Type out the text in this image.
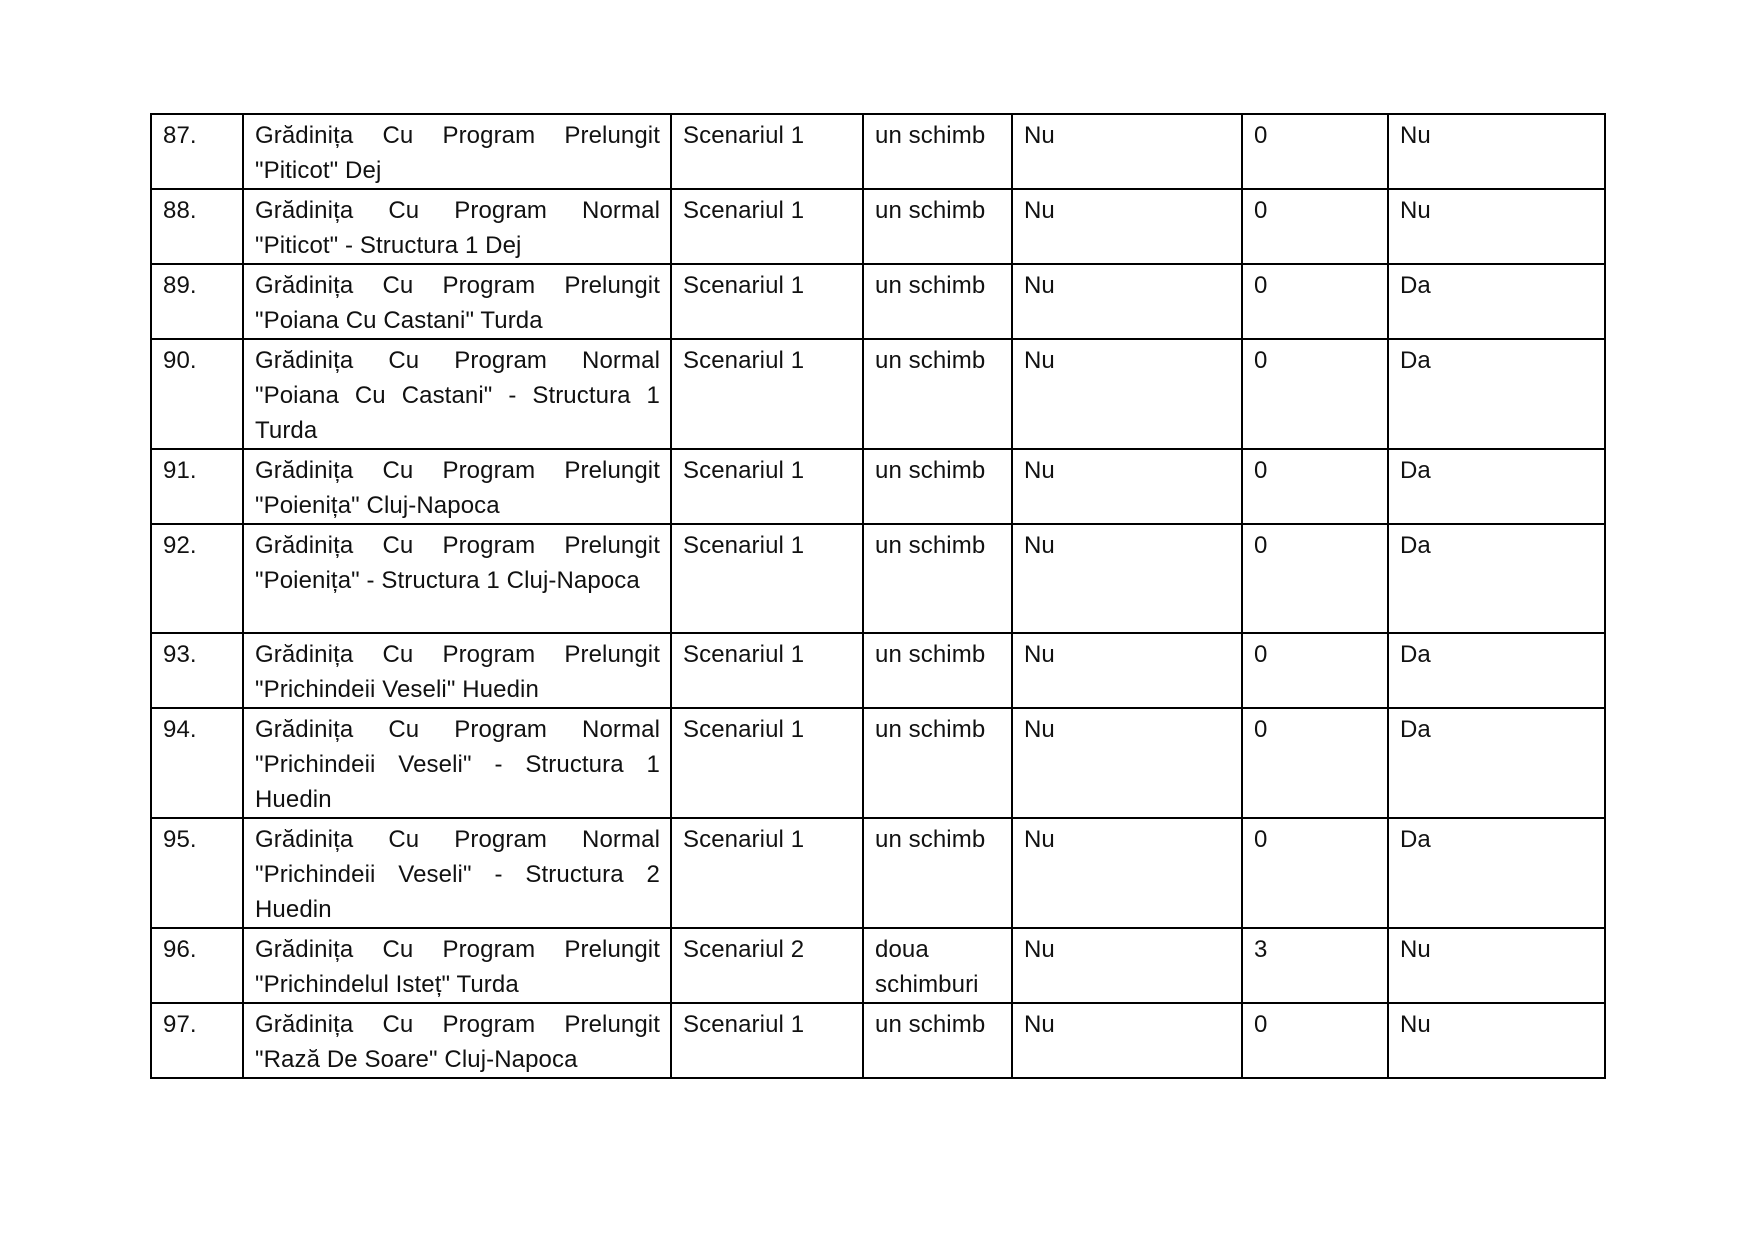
87.	Grădinița Cu Program Prelungit "Piticot" Dej	Scenariul 1	un schimb	Nu	0	Nu
88.	Grădinița Cu Program Normal "Piticot" - Structura 1 Dej	Scenariul 1	un schimb	Nu	0	Nu
89.	Grădinița Cu Program Prelungit "Poiana Cu Castani" Turda	Scenariul 1	un schimb	Nu	0	Da
90.	Grădinița Cu Program Normal "Poiana Cu Castani" - Structura 1 Turda	Scenariul 1	un schimb	Nu	0	Da
91.	Grădinița Cu Program Prelungit "Poienița" Cluj-Napoca	Scenariul 1	un schimb	Nu	0	Da
92.	Grădinița Cu Program Prelungit "Poienița" - Structura 1 Cluj-Napoca	Scenariul 1	un schimb	Nu	0	Da
93.	Grădinița Cu Program Prelungit "Prichindeii Veseli" Huedin	Scenariul 1	un schimb	Nu	0	Da
94.	Grădinița Cu Program Normal "Prichindeii Veseli" - Structura 1 Huedin	Scenariul 1	un schimb	Nu	0	Da
95.	Grădinița Cu Program Normal "Prichindeii Veseli" - Structura 2 Huedin	Scenariul 1	un schimb	Nu	0	Da
96.	Grădinița Cu Program Prelungit "Prichindelul Isteț" Turda	Scenariul 2	doua schimburi	Nu	3	Nu
97.	Grădinița Cu Program Prelungit "Rază De Soare" Cluj-Napoca	Scenariul 1	un schimb	Nu	0	Nu
